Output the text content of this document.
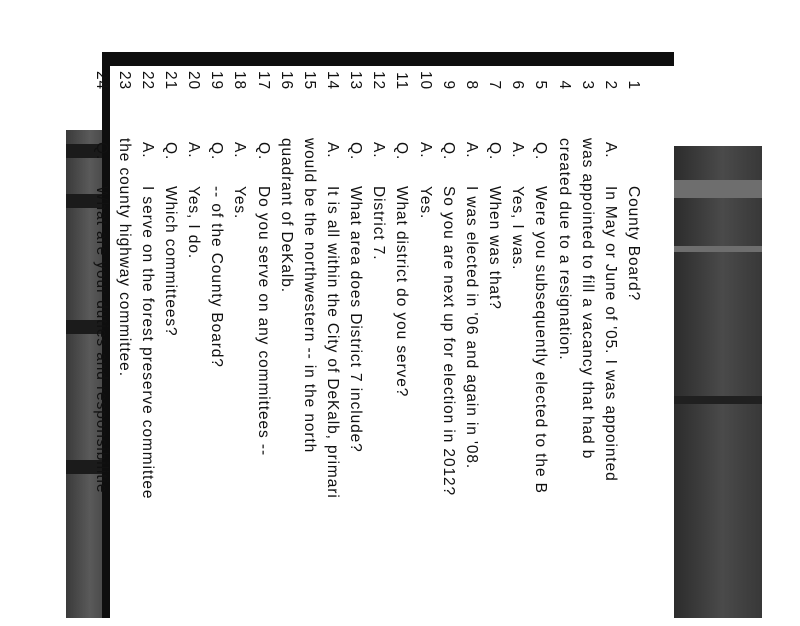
1
County Board?
2
A.
In May or June of '05. I was appointed
3
was appointed to fill a vacancy that had b
4
created due to a resignation.
5
Q.
Were you subsequently elected to the B
6
A.
Yes, I was.
7
Q.
When was that?
8
A.
I was elected in '06 and again in '08.
9
Q.
So you are next up for election in 2012?
10
A.
Yes.
11
Q.
What district do you serve?
12
A.
District 7.
13
Q.
What area does District 7 include?
14
A.
It is all within the City of DeKalb, primari
15
would be the northwestern -- in the north
16
quadrant of DeKalb.
17
Q.
Do you serve on any committees --
18
A.
Yes.
19
Q.
-- of the County Board?
20
A.
Yes, I do.
21
Q.
Which committees?
22
A.
I serve on the forest preserve committee
23
the county highway committee.
24
Q.
What are your duties and responsibilitie
